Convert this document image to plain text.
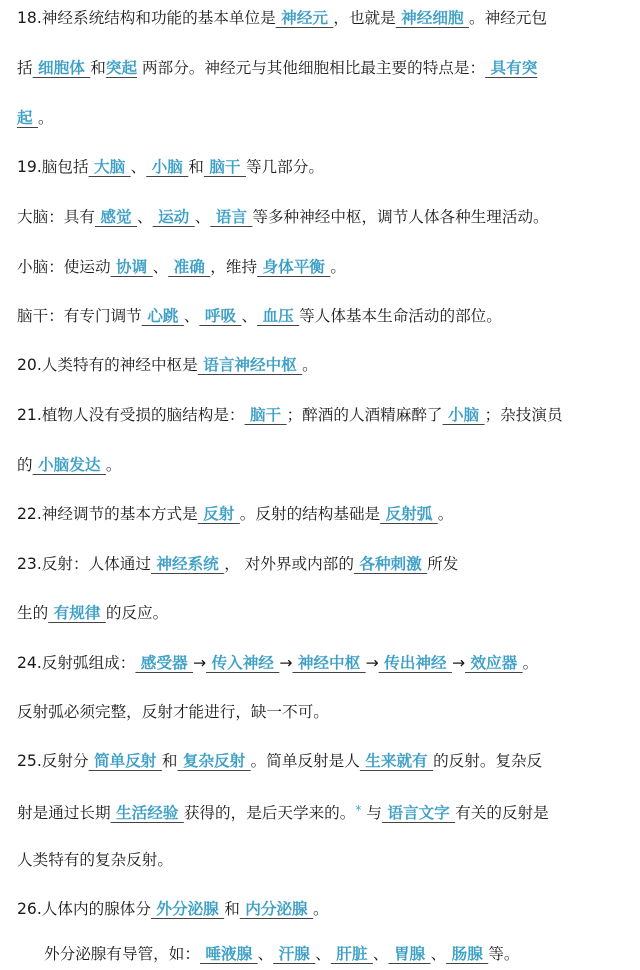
18.神经系统结构和功能的基本单位是 神经元 ，也就是 神经细胞 。神经元包
括 细胞体 和突起 两部分。神经元与其他细胞相比最主要的特点是： 具有突
起 。
19.脑包括 大脑 、 小脑 和 脑干 等几部分。
大脑：具有 感觉 、 运动 、 语言 等多种神经中枢，调节人体各种生理活动。
小脑：使运动 协调 、 准确 ，维持 身体平衡 。
脑干：有专门调节 心跳 、 呼吸 、 血压 等人体基本生命活动的部位。
20.人类特有的神经中枢是 语言神经中枢 。
21.植物人没有受损的脑结构是： 脑干 ；醉酒的人酒精麻醉了 小脑 ；杂技演员
的 小脑发达 。
22.神经调节的基本方式是 反射 。反射的结构基础是 反射弧 。
23.反射：人体通过 神经系统 ， 对外界或内部的 各种刺激 所发
生的 有规律 的反应。
24.反射弧组成： 感受器 → 传入神经 → 神经中枢 → 传出神经 → 效应器 。
反射弧必须完整，反射才能进行，缺一不可。
25.反射分 简单反射 和 复杂反射 。简单反射是人 生来就有 的反射。复杂反
射是通过长期 生活经验 获得的，是后天学来的。* 与 语言文字 有关的反射是
人类特有的复杂反射。
26.人体内的腺体分 外分泌腺 和 内分泌腺 。
外分泌腺有导管，如： 唾液腺 、 汗腺 、 肝脏 、 胃腺 、 肠腺 等。
